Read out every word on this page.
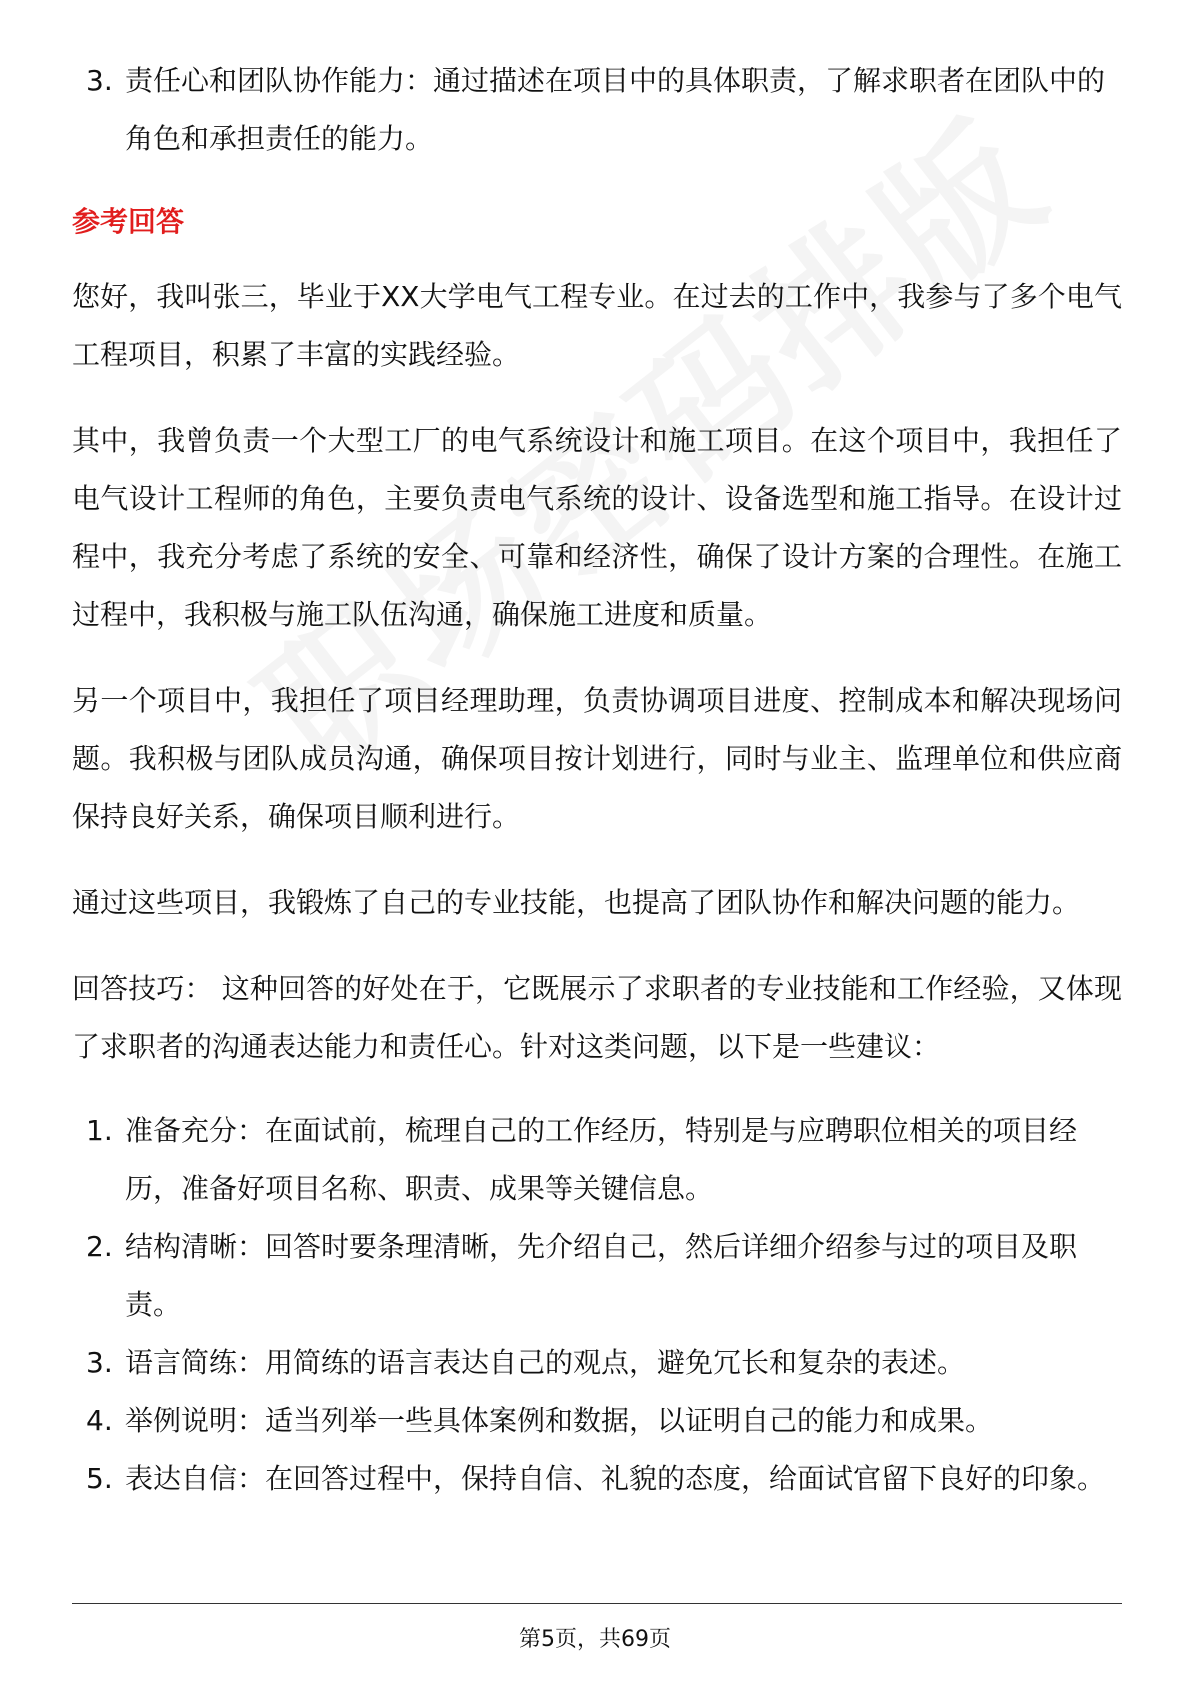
3. 责任心和团队协作能力：通过描述在项目中的具体职责，了解求职者在团队中的角色和承担责任的能力。
参考回答

您好，我叫张三，毕业于XX大学电气工程专业。在过去的工作中，我参与了多个电气工程项目，积累了丰富的实践经验。

其中，我曾负责一个大型工厂的电气系统设计和施工项目。在这个项目中，我担任了电气设计工程师的角色，主要负责电气系统的设计、设备选型和施工指导。在设计过程中，我充分考虑了系统的安全、可靠和经济性，确保了设计方案的合理性。在施工过程中，我积极与施工队伍沟通，确保施工进度和质量。

另一个项目中，我担任了项目经理助理，负责协调项目进度、控制成本和解决现场问题。我积极与团队成员沟通，确保项目按计划进行，同时与业主、监理单位和供应商保持良好关系，确保项目顺利进行。

通过这些项目，我锻炼了自己的专业技能，也提高了团队协作和解决问题的能力。

回答技巧： 这种回答的好处在于，它既展示了求职者的专业技能和工作经验，又体现了求职者的沟通表达能力和责任心。针对这类问题，以下是一些建议：

1. 准备充分：在面试前，梳理自己的工作经历，特别是与应聘职位相关的项目经历，准备好项目名称、职责、成果等关键信息。
2. 结构清晰：回答时要条理清晰，先介绍自己，然后详细介绍参与过的项目及职责。
3. 语言简练：用简练的语言表达自己的观点，避免冗长和复杂的表述。
4. 举例说明：适当列举一些具体案例和数据，以证明自己的能力和成果。
5. 表达自信：在回答过程中，保持自信、礼貌的态度，给面试官留下良好的印象。
第5页，共69页
